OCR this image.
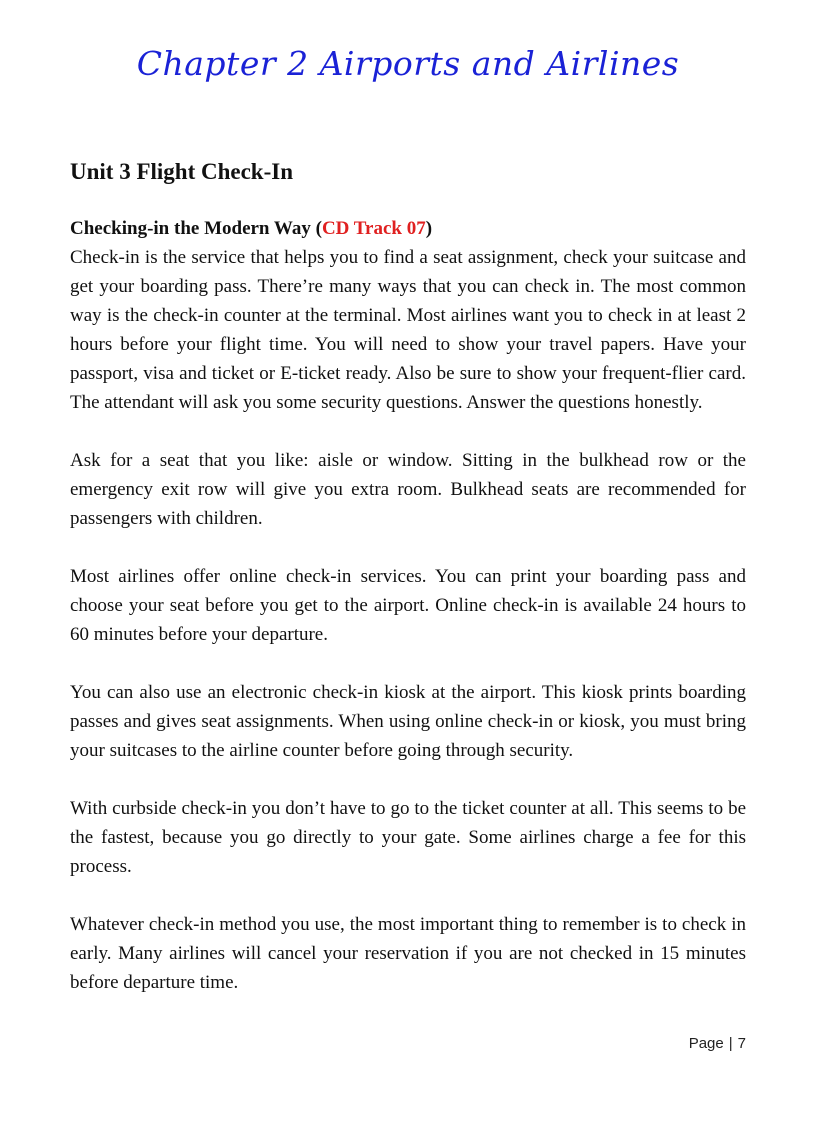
Chapter 2 Airports and Airlines
Unit 3 Flight Check-In
Checking-in the Modern Way (CD Track 07)

Check-in is the service that helps you to find a seat assignment, check your suitcase and get your boarding pass. There’re many ways that you can check in. The most common way is the check-in counter at the terminal. Most airlines want you to check in at least 2 hours before your flight time. You will need to show your travel papers. Have your passport, visa and ticket or E-ticket ready. Also be sure to show your frequent-flier card. The attendant will ask you some security questions. Answer the questions honestly.

Ask for a seat that you like: aisle or window. Sitting in the bulkhead row or the emergency exit row will give you extra room. Bulkhead seats are recommended for passengers with children.

Most airlines offer online check-in services. You can print your boarding pass and choose your seat before you get to the airport. Online check-in is available 24 hours to 60 minutes before your departure.

You can also use an electronic check-in kiosk at the airport. This kiosk prints boarding passes and gives seat assignments. When using online check-in or kiosk, you must bring your suitcases to the airline counter before going through security.

With curbside check-in you don’t have to go to the ticket counter at all. This seems to be the fastest, because you go directly to your gate. Some airlines charge a fee for this process.

Whatever check-in method you use, the most important thing to remember is to check in early. Many airlines will cancel your reservation if you are not checked in 15 minutes before departure time.

Page | 7
